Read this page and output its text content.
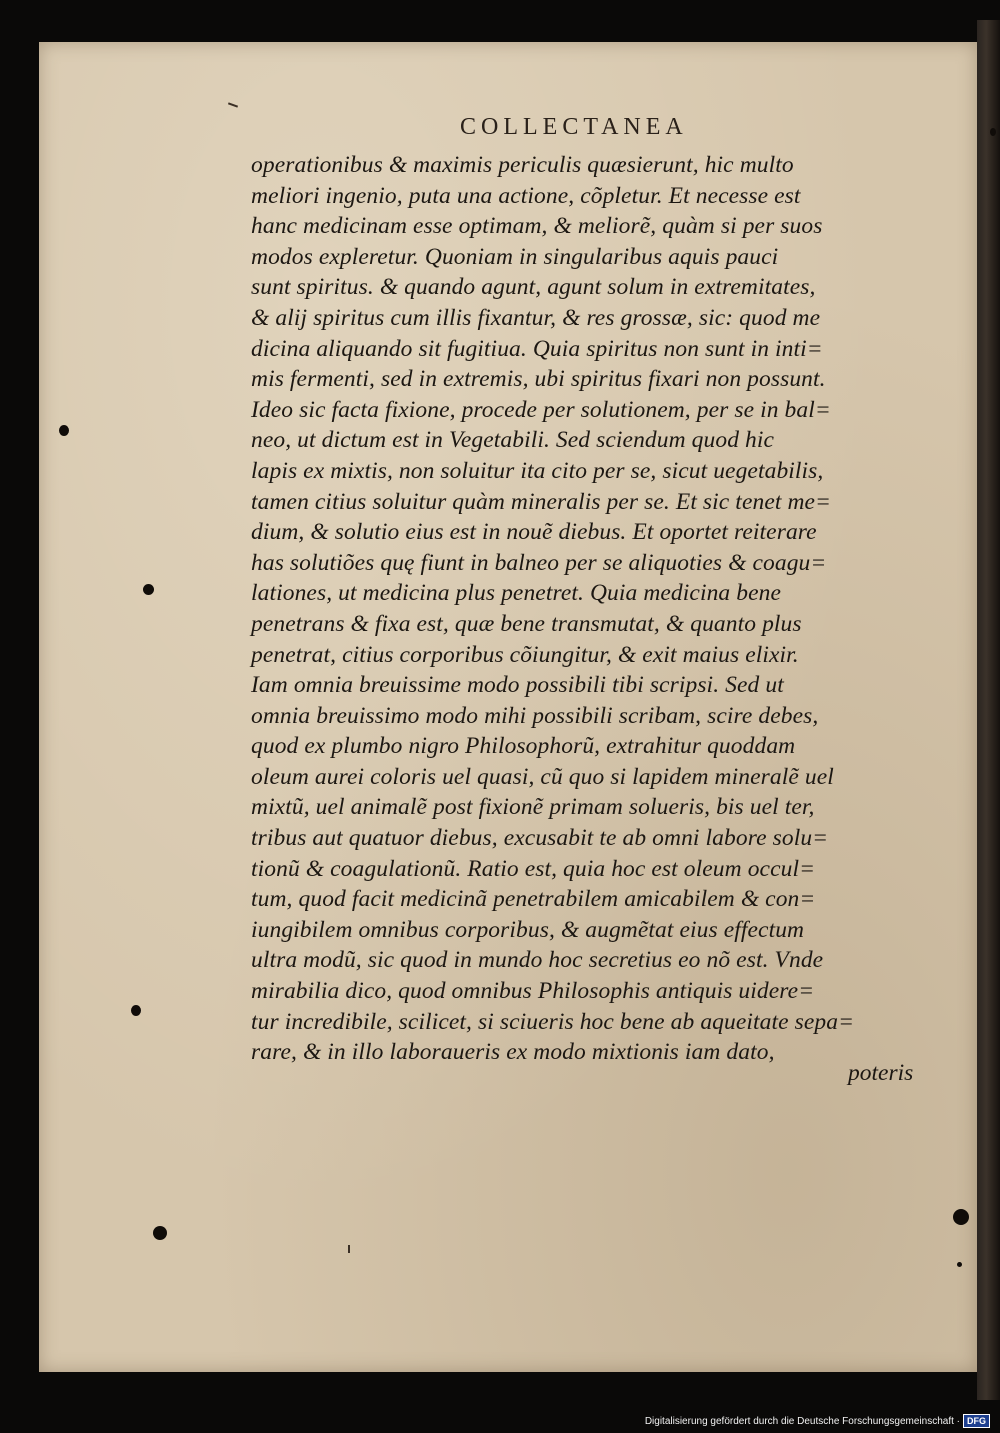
COLLECTANEA
operationibus & maximis periculis quæsierunt, hic multo
meliori ingenio, puta una actione, cõpletur. Et necesse est
hanc medicinam esse optimam, & meliorẽ, quàm si per suos
modos expleretur. Quoniam in singularibus aquis pauci
sunt spiritus. & quando agunt, agunt solum in extremitates,
& alij spiritus cum illis fixantur, & res grossæ, sic: quod me
dicina aliquando sit fugitiua. Quia spiritus non sunt in inti=
mis fermenti, sed in extremis, ubi spiritus fixari non possunt.
Ideo sic facta fixione, procede per solutionem, per se in bal=
neo, ut dictum est in Vegetabili. Sed sciendum quod hic
lapis ex mixtis, non soluitur ita cito per se, sicut uegetabilis,
tamen citius soluitur quàm mineralis per se. Et sic tenet me=
dium, & solutio eius est in nouẽ diebus. Et oportet reiterare
has solutiões quę fiunt in balneo per se aliquoties & coagu=
lationes, ut medicina plus penetret. Quia medicina bene
penetrans & fixa est, quæ bene transmutat, & quanto plus
penetrat, citius corporibus cõiungitur, & exit maius elixir.
Iam omnia breuissime modo possibili tibi scripsi. Sed ut
omnia breuissimo modo mihi possibili scribam, scire debes,
quod ex plumbo nigro Philosophorũ, extrahitur quoddam
oleum aurei coloris uel quasi, cũ quo si lapidem mineralẽ uel
mixtũ, uel animalẽ post fixionẽ primam solueris, bis uel ter,
tribus aut quatuor diebus, excusabit te ab omni labore solu=
tionũ & coagulationũ. Ratio est, quia hoc est oleum occul=
tum, quod facit medicinã penetrabilem amicabilem & con=
iungibilem omnibus corporibus, & augmẽtat eius effectum
ultra modũ, sic quod in mundo hoc secretius eo nõ est. Vnde
mirabilia dico, quod omnibus Philosophis antiquis uidere=
tur incredibile, scilicet, si sciueris hoc bene ab aqueitate sepa=
rare, & in illo laboraueris ex modo mixtionis iam dato,
poteris
Digitalisierung gefördert durch die Deutsche Forschungsgemeinschaft · DFG
